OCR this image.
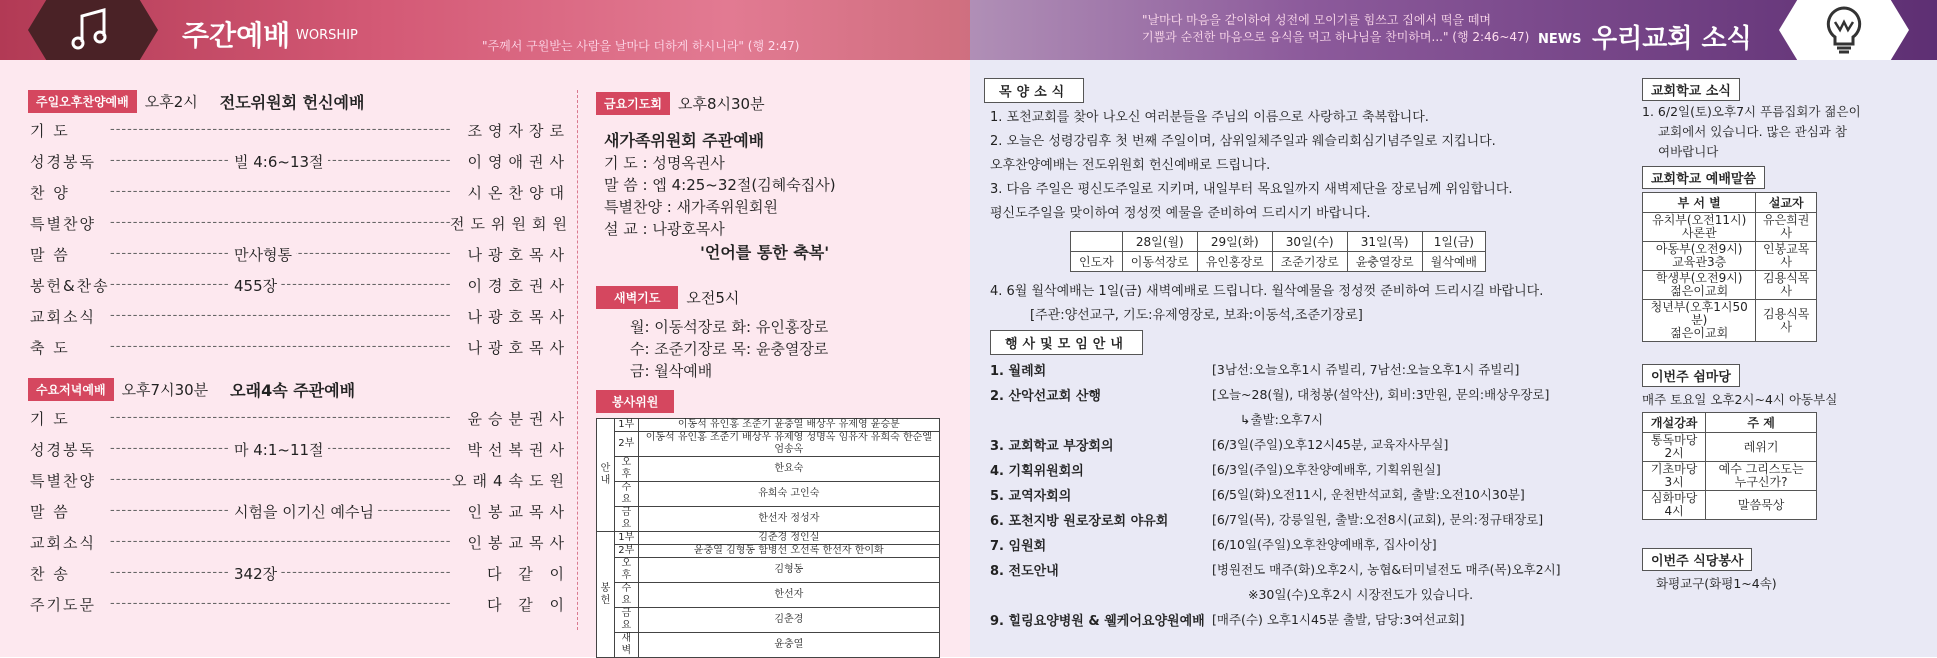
주간예배 WORSHIP
"주께서 구원받는 사람을 날마다 더하게 하시니라" (행 2:47)
"날마다 마음을 같이하여 성전에 모이기를 힘쓰고 집에서 떡을 떼며
기쁨과 순전한 마음으로 음식을 먹고 하나님을 찬미하며..." (행 2:46~47) NEWS 우리교회 소식
주일오후찬양예배	오후2시 전도위원회 헌신예배
기 도 -----	조영자장로
성경봉독 -----	빌 4:6~13절	이영애권사
찬 양 -----	시온찬양대
특별찬양 -----	전도위원회원
말 씀 -----	만사형통	나광호목사
봉헌&찬송 -----	455장	이경호권사
교회소식 -----	나광호목사
축 도 -----	나광호목사
수요저녁예배	오후7시30분 오래4속 주관예배
기 도 -----	윤승분권사
성경봉독 -----	마 4:1~11절	박선복권사
특별찬양 -----	오래4속도원
말 씀 -----	시험을 이기신 예수님	인봉교목사
교회소식 -----	인봉교목사
찬 송 -----	342장	다 같 이
주기도문 -----	다 같 이
금요기도회	오후8시30분
새가족위원회 주관예배
기 도 : 성명옥권사
말 씀 : 엡 4:25~32절(김혜숙집사)
특별찬양 : 새가족위원회원
설 교 : 나광호목사
'언어를 통한 축복'
새벽기도	오전5시
월: 이동석장로 화: 유인홍장로
수: 조준기장로 목: 윤충열장로
금: 월삭예배
봉사위원
안내	1부	이동석 유인홍 조준기 윤충열 배상우 유제영 윤승분
	2부	이동석 유인홍 조준기 배상우 유제영 성명옥 임유자 유희숙 한순엘 엄송옥
	오후	한요숙
	수요	유희숙 고인숙
	금요	한선자 정성자
봉헌	1부	김춘경 정인실
	2부	윤충열 김형동 함병선 오선록 한선자 한이화
	오후	김형동
	수요	한선자
	금요	김춘경
	새벽	윤충열
목양소식
1. 포천교회를 찾아 나오신 여러분들을 주님의 이름으로 사랑하고 축복합니다.
2. 오늘은 성령강림후 첫 번째 주일이며, 삼위일체주일과 웨슬리회심기념주일로 지킵니다.
오후찬양예배는 전도위원회 헌신예배로 드립니다.
3. 다음 주일은 평신도주일로 지키며, 내일부터 목요일까지 새벽제단을 장로님께 위임합니다.
평신도주일을 맞이하여 정성껏 예물을 준비하여 드리시기 바랍니다.
	28일(월)	29일(화)	30일(수)	31일(목)	1일(금)
인도자	이동석장로	유인홍장로	조준기장로	윤충열장로	월삭예배
4. 6월 월삭예배는 1일(금) 새벽예배로 드립니다. 월삭예물을 정성껏 준비하여 드리시길 바랍니다.
[주관:양선교구, 기도:유제영장로, 보좌:이동석,조준기장로]
행사및모임안내
1. 월례회	[3남선:오늘오후1시 쥬빌리, 7남선:오늘오후1시 쥬빌리]
2. 산악선교회 산행	[오늘~28(월), 대청봉(설악산), 회비:3만원, 문의:배상우장로]
↳출발:오후7시
3. 교회학교 부장회의	[6/3일(주일)오후12시45분, 교육자사무실]
4. 기획위원회의	[6/3일(주일)오후찬양예배후, 기획위원실]
5. 교역자회의	[6/5일(화)오전11시, 운천반석교회, 출발:오전10시30분]
6. 포천지방 원로장로회 야유회	[6/7일(목), 강릉일원, 출발:오전8시(교회), 문의:정규태장로]
7. 임원회	[6/10일(주일)오후찬양예배후, 집사이상]
8. 전도안내	[병원전도 매주(화)오후2시, 농협&터미널전도 매주(목)오후2시]
※30일(수)오후2시 시장전도가 있습니다.
9. 힐링요양병원 & 웰케어요양원예배 [매주(수) 오후1시45분 출발, 담당:3여선교회]
교회학교 소식
1. 6/2일(토)오후7시 푸름집회가 젊은이
교회에서 있습니다. 많은 관심과 참
여바랍니다
교회학교 예배말씀
부 서 별	설교자
유치부(오전11시)
사론관	유은희권사
아동부(오전9시)
교육관3층	인봉교목사
학생부(오전9시)
젊은이교회	김용식목사
청년부(오후1시50분)
젊은이교회	김용식목사
이번주 쉼마당
매주 토요일 오후2시~4시 아동부실
개설강좌	주 제
통독마당
2시	레위기
기초마당
3시	예수 그리스도는
누구신가?
심화마당
4시	말씀묵상
이번주 식당봉사
화평교구(화평1~4속)
